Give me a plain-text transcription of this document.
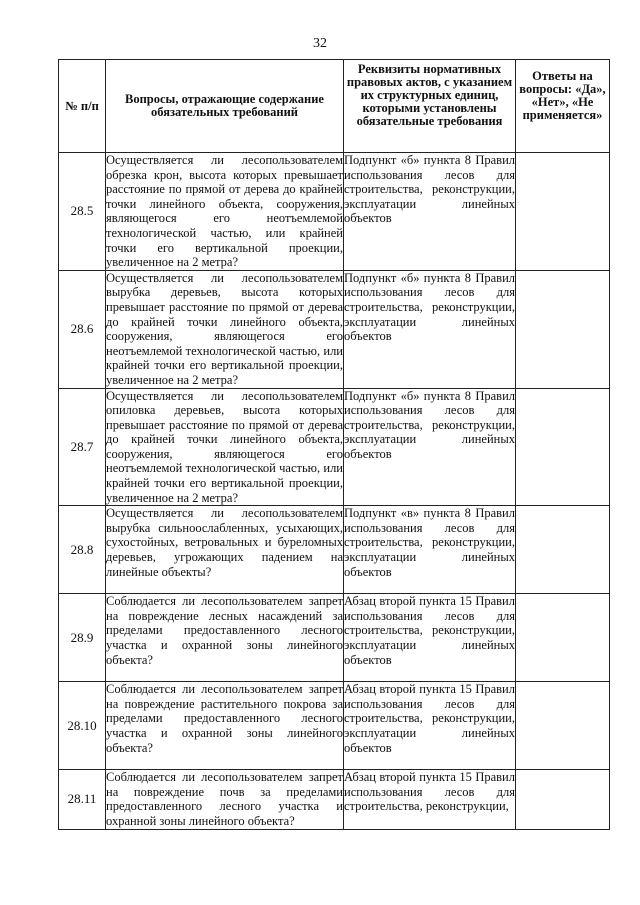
32
№ п/п	Вопросы, отражающие содержание обязательных требований	Реквизиты нормативных правовых актов, с указанием их структурных единиц, которыми установлены обязательные требования	Ответы на вопросы: «Да», «Нет», «Не применяется»
28.5	Осуществляется ли лесопользователем обрезка крон, высота которых превышает расстояние по прямой от дерева до крайней точки линейного объекта, сооружения, являющегося его неотъемлемой технологической частью, или крайней точки его вертикальной проекции, увеличенное на 2 метра?	Подпункт «б» пункта 8 Правил использования лесов для строительства, реконструкции, эксплуатации линейных объектов	
28.6	Осуществляется ли лесопользователем вырубка деревьев, высота которых превышает расстояние по прямой от дерева до крайней точки линейного объекта, сооружения, являющегося его неотъемлемой технологической частью, или крайней точки его вертикальной проекции, увеличенное на 2 метра?	Подпункт «б» пункта 8 Правил использования лесов для строительства, реконструкции, эксплуатации линейных объектов	
28.7	Осуществляется ли лесопользователем опиловка деревьев, высота которых превышает расстояние по прямой от дерева до крайней точки линейного объекта, сооружения, являющегося его неотъемлемой технологической частью, или крайней точки его вертикальной проекции, увеличенное на 2 метра?	Подпункт «б» пункта 8 Правил использования лесов для строительства, реконструкции, эксплуатации линейных объектов	
28.8	Осуществляется ли лесопользователем вырубка сильноослабленных, усыхающих, сухостойных, ветровальных и буреломных деревьев, угрожающих падением на линейные объекты?	Подпункт «в» пункта 8 Правил использования лесов для строительства, реконструкции, эксплуатации линейных объектов	
28.9	Соблюдается ли лесопользователем запрет на повреждение лесных насаждений за пределами предоставленного лесного участка и охранной зоны линейного объекта?	Абзац второй пункта 15 Правил использования лесов для строительства, реконструкции, эксплуатации линейных объектов	
28.10	Соблюдается ли лесопользователем запрет на повреждение растительного покрова за пределами предоставленного лесного участка и охранной зоны линейного объекта?	Абзац второй пункта 15 Правил использования лесов для строительства, реконструкции, эксплуатации линейных объектов	
28.11	Соблюдается ли лесопользователем запрет на повреждение почв за пределами предоставленного лесного участка и охранной зоны линейного объекта?	Абзац второй пункта 15 Правил использования лесов для строительства, реконструкции,	
